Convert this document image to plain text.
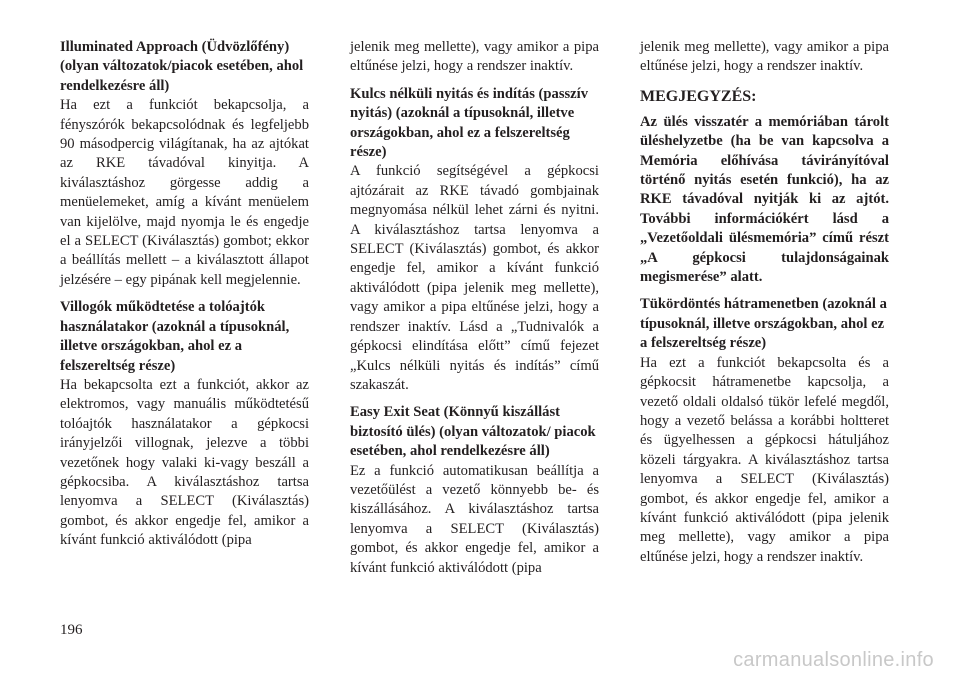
Illuminated Approach (Üdvözlőfény) (olyan változatok/piacok esetében, ahol rendelkezésre áll)

Ha ezt a funkciót bekapcsolja, a fényszórók bekapcsolódnak és legfeljebb 90 másodpercig világítanak, ha az ajtókat az RKE távadóval kinyitja. A kiválasztáshoz görgesse addig a menüelemeket, amíg a kívánt menüelem van kijelölve, majd nyomja le és engedje el a SELECT (Kiválasztás) gombot; ekkor a beállítás mellett – a kiválasztott állapot jelzésére – egy pipának kell megjelennie.

Villogók működtetése a tolóajtók használatakor (azoknál a típusoknál, illetve országokban, ahol ez a felszereltség része)

Ha bekapcsolta ezt a funkciót, akkor az elektromos, vagy manuális működtetésű tolóajtók használatakor a gépkocsi irányjelzői villognak, jelezve a többi vezetőnek hogy valaki ki-vagy beszáll a gépkocsiba. A kiválasztáshoz tartsa lenyomva a SELECT (Kiválasztás) gombot, és akkor engedje fel, amikor a kívánt funkció aktiválódott (pipa

jelenik meg mellette), vagy amikor a pipa eltűnése jelzi, hogy a rendszer inaktív.

Kulcs nélküli nyitás és indítás (passzív nyitás) (azoknál a típusoknál, illetve országokban, ahol ez a felszereltség része)

A funkció segítségével a gépkocsi ajtózárait az RKE távadó gombjainak megnyomása nélkül lehet zárni és nyitni. A kiválasztáshoz tartsa lenyomva a SELECT (Kiválasztás) gombot, és akkor engedje fel, amikor a kívánt funkció aktiválódott (pipa jelenik meg mellette), vagy amikor a pipa eltűnése jelzi, hogy a rendszer inaktív. Lásd a „Tudnivalók a gépkocsi elindítása előtt” című fejezet „Kulcs nélküli nyitás és indítás” című szakaszát.

Easy Exit Seat (Könnyű kiszállást biztosító ülés) (olyan változatok/ piacok esetében, ahol rendelkezésre áll)

Ez a funkció automatikusan beállítja a vezetőülést a vezető könnyebb be- és kiszállásához. A kiválasztáshoz tartsa lenyomva a SELECT (Kiválasztás) gombot, és akkor engedje fel, amikor a kívánt funkció aktiválódott (pipa

jelenik meg mellette), vagy amikor a pipa eltűnése jelzi, hogy a rendszer inaktív.

MEGJEGYZÉS:

Az ülés visszatér a memóriában tárolt üléshelyzetbe (ha be van kapcsolva a Memória előhívása távirányítóval történő nyitás esetén funkció), ha az RKE távadóval nyitják ki az ajtót. További információkért lásd a „Vezetőoldali ülésmemória” című részt „A gépkocsi tulajdonságainak megismerése” alatt.

Tükördöntés hátramenetben (azoknál a típusoknál, illetve országokban, ahol ez a felszereltség része)

Ha ezt a funkciót bekapcsolta és a gépkocsit hátramenetbe kapcsolja, a vezető oldali oldalsó tükör lefelé megdől, hogy a vezető belássa a korábbi holtteret és ügyelhessen a gépkocsi hátuljához közeli tárgyakra. A kiválasztáshoz tartsa lenyomva a SELECT (Kiválasztás) gombot, és akkor engedje fel, amikor a kívánt funkció aktiválódott (pipa jelenik meg mellette), vagy amikor a pipa eltűnése jelzi, hogy a rendszer inaktív.

196
carmanualsonline.info
